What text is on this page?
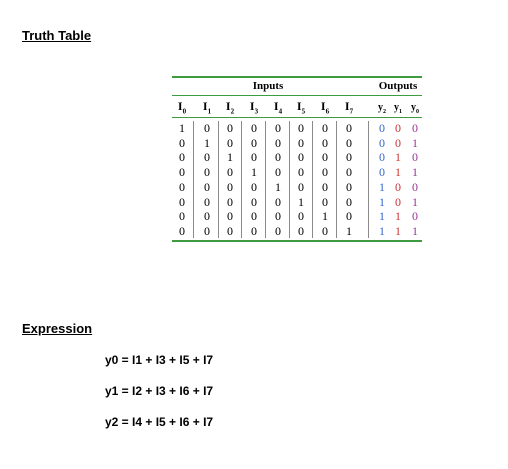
Truth Table
Inputs	Outputs
$I_0$ $I_1$ $I_2$ $I_3$ $I_4$ $I_5$ $I_6$ $I_7$ $y_2$ $y_1$ $y_0$
1 0 0 0 0 0 0 0 0 0 0
0 1 0 0 0 0 0 0 0 0 1
0 0 1 0 0 0 0 0 0 1 0
0 0 0 1 0 0 0 0 0 1 1
0 0 0 0 1 0 0 0 1 0 0
0 0 0 0 0 1 0 0 1 0 1
0 0 0 0 0 0 1 0 1 1 0
0 0 0 0 0 0 0 1 1 1 1
Expression
y0 = I1 + I3 + I5 + I7
y1 = I2 + I3 + I6 + I7
y2 = I4 + I5 + I6 + I7
